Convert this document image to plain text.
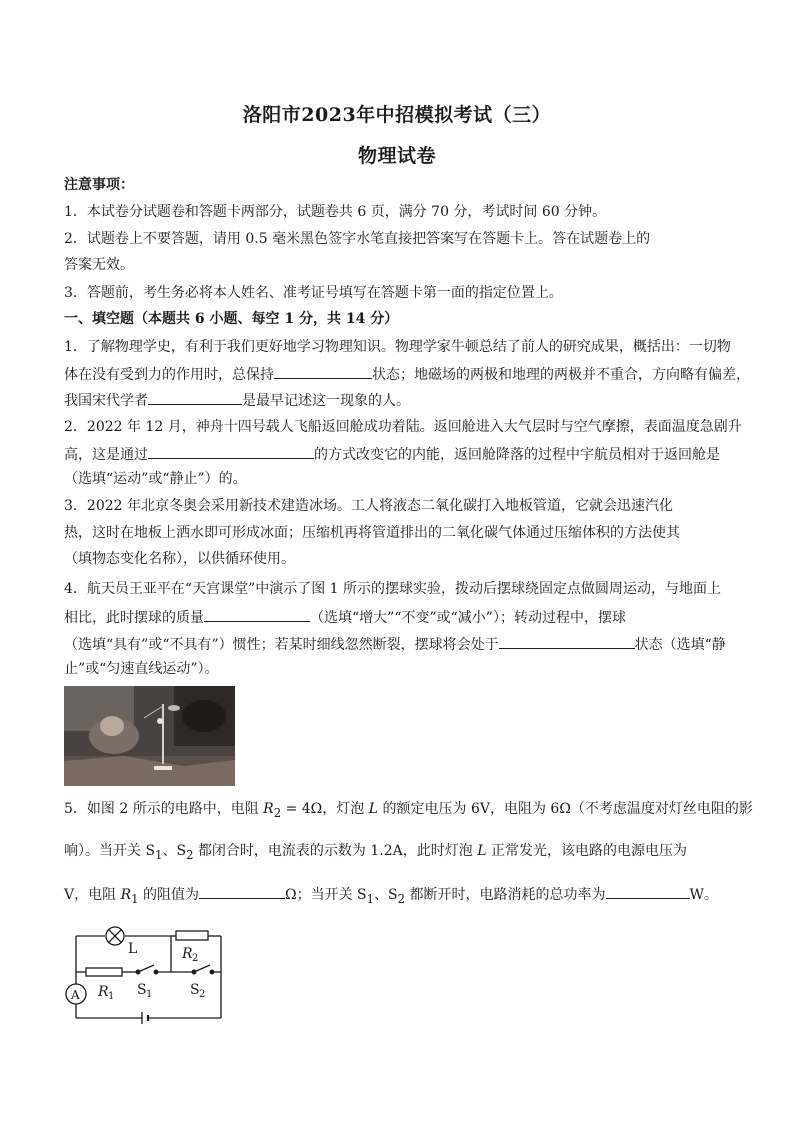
洛阳市2023年中招模拟考试（三）
物理试卷
注意事项：
1．本试卷分试题卷和答题卡两部分，试题卷共 6 页，满分 70 分，考试时间 60 分钟。
2．试题卷上不要答题，请用 0.5 毫米黑色签字水笔直接把答案写在答题卡上。答在试题卷上的
答案无效。
3．答题前，考生务必将本人姓名、准考证号填写在答题卡第一面的指定位置上。
一、填空题（本题共 6 小题、每空 1 分，共 14 分）
1．了解物理学史，有利于我们更好地学习物理知识。物理学家牛顿总结了前人的研究成果，概括出：一切物
体在没有受到力的作用时，总保持	状态；地磁场的两极和地理的两极并不重合，方向略有偏差，
我国宋代学者	是最早记述这一现象的人。
2．2022 年 12 月，神舟十四号载人飞船返回舱成功着陆。返回舱进入大气层时与空气摩擦，表面温度急剧升
高，这是通过	的方式改变它的内能，返回舱降落的过程中宇航员相对于返回舱是
（选填“运动”或“静止”）的。
3．2022 年北京冬奥会采用新技术建造冰场。工人将液态二氧化碳打入地板管道，它就会迅速汽化
热，这时在地板上洒水即可形成冰面；压缩机再将管道排出的二氧化碳气体通过压缩体积的方法使其
（填物态变化名称），以供循环使用。
4．航天员王亚平在“天宫课堂”中演示了图 1 所示的摆球实验，拨动后摆球绕固定点做圆周运动，与地面上
相比，此时摆球的质量	（选填“增大”“不变”或“减小”）；转动过程中，摆球
（选填“具有”或“不具有”）惯性；若某时细线忽然断裂，摆球将会处于	状态（选填“静
止”或“匀速直线运动”）。
5．如图 2 所示的电路中，电阻 $R_2 = 4\Omega$，灯泡 L 的额定电压为 6V，电阻为 6Ω（不考虑温度对灯丝电阻的影
响）。当开关 $S_1$、$S_2$ 都闭合时，电流表的示数为 1.2A，此时灯泡 L 正常发光，该电路的电源电压为
V，电阻 $R_1$ 的阻值为	Ω；当开关 $S_1$、$S_2$ 都断开时，电路消耗的总功率为	W。
L	R 2
R 1 S 1	S 2
A
